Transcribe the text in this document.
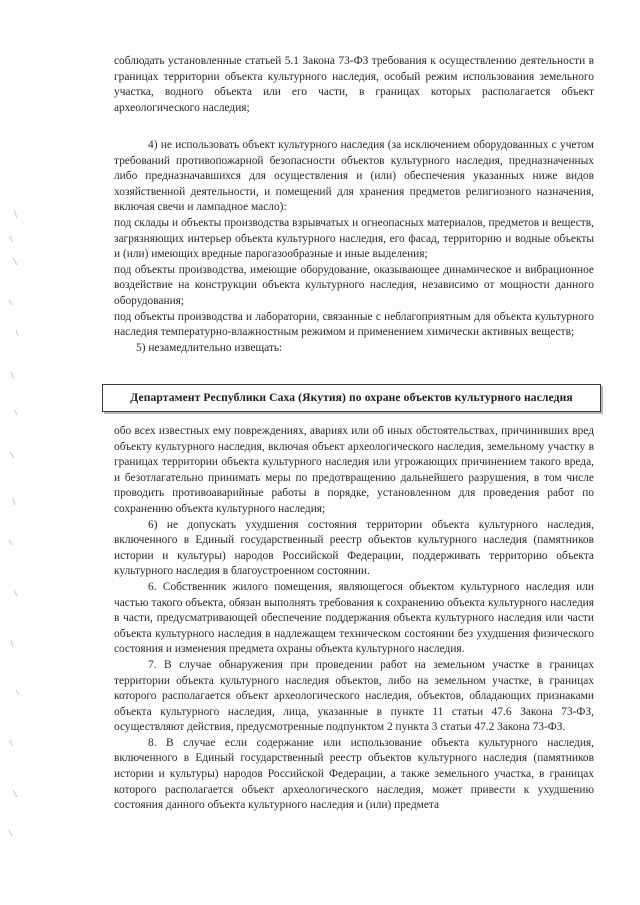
соблюдать установленные статьей 5.1 Закона 73-ФЗ требования к осуществлению деятельности в границах территории объекта культурного наследия, особый режим использования земельного участка, водного объекта или его части, в границах которых располагается объект археологического наследия;

4) не использовать объект культурного наследия (за исключением оборудованных с учетом требований противопожарной безопасности объектов культурного наследия, предназначенных либо предназначавшихся для осуществления и (или) обеспечения указанных ниже видов хозяйственной деятельности, и помещений для хранения предметов религиозного назначения, включая свечи и лампадное масло):

под склады и объекты производства взрывчатых и огнеопасных материалов, предметов и веществ, загрязняющих интерьер объекта культурного наследия, его фасад, территорию и водные объекты и (или) имеющих вредные парогазообразные и иные выделения;

под объекты производства, имеющие оборудование, оказывающее динамическое и вибрационное воздействие на конструкции объекта культурного наследия, независимо от мощности данного оборудования;

под объекты производства и лаборатории, связанные с неблагоприятным для объекта культурного наследия температурно-влажностным режимом и применением химически активных веществ;

5) незамедлительно извещать:

Департамент Республики Саха (Якутия) по охране объектов культурного наследия

обо всех известных ему повреждениях, авариях или об иных обстоятельствах, причинивших вред объекту культурного наследия, включая объект археологического наследия, земельному участку в границах территории объекта культурного наследия или угрожающих причинением такого вреда, и безотлагательно принимать меры по предотвращению дальнейшего разрушения, в том числе проводить противоаварийные работы в порядке, установленном для проведения работ по сохранению объекта культурного наследия;

6) не допускать ухудшения состояния территории объекта культурного наследия, включенного в Единый государственный реестр объектов культурного наследия (памятников истории и культуры) народов Российской Федерации, поддерживать территорию объекта культурного наследия в благоустроенном состоянии.

6. Собственник жилого помещения, являющегося объектом культурного наследия или частью такого объекта, обязан выполнять требования к сохранению объекта культурного наследия в части, предусматривающей обеспечение поддержания объекта культурного наследия или части объекта культурного наследия в надлежащем техническом состоянии без ухудшения физического состояния и изменения предмета охраны объекта культурного наследия.

7. В случае обнаружения при проведении работ на земельном участке в границах территории объекта культурного наследия объектов, либо на земельном участке, в границах которого располагается объект археологического наследия, объектов, обладающих признаками объекта культурного наследия, лица, указанные в пункте 11 статьи 47.6 Закона 73-ФЗ, осуществляют действия, предусмотренные подпунктом 2 пункта 3 статьи 47.2 Закона 73-ФЗ.

8. В случае если содержание или использование объекта культурного наследия, включенного в Единый государственный реестр объектов культурного наследия (памятников истории и культуры) народов Российской Федерации, а также земельного участка, в границах которого располагается объект археологического наследия, может привести к ухудшению состояния данного объекта культурного наследия и (или) предмета
